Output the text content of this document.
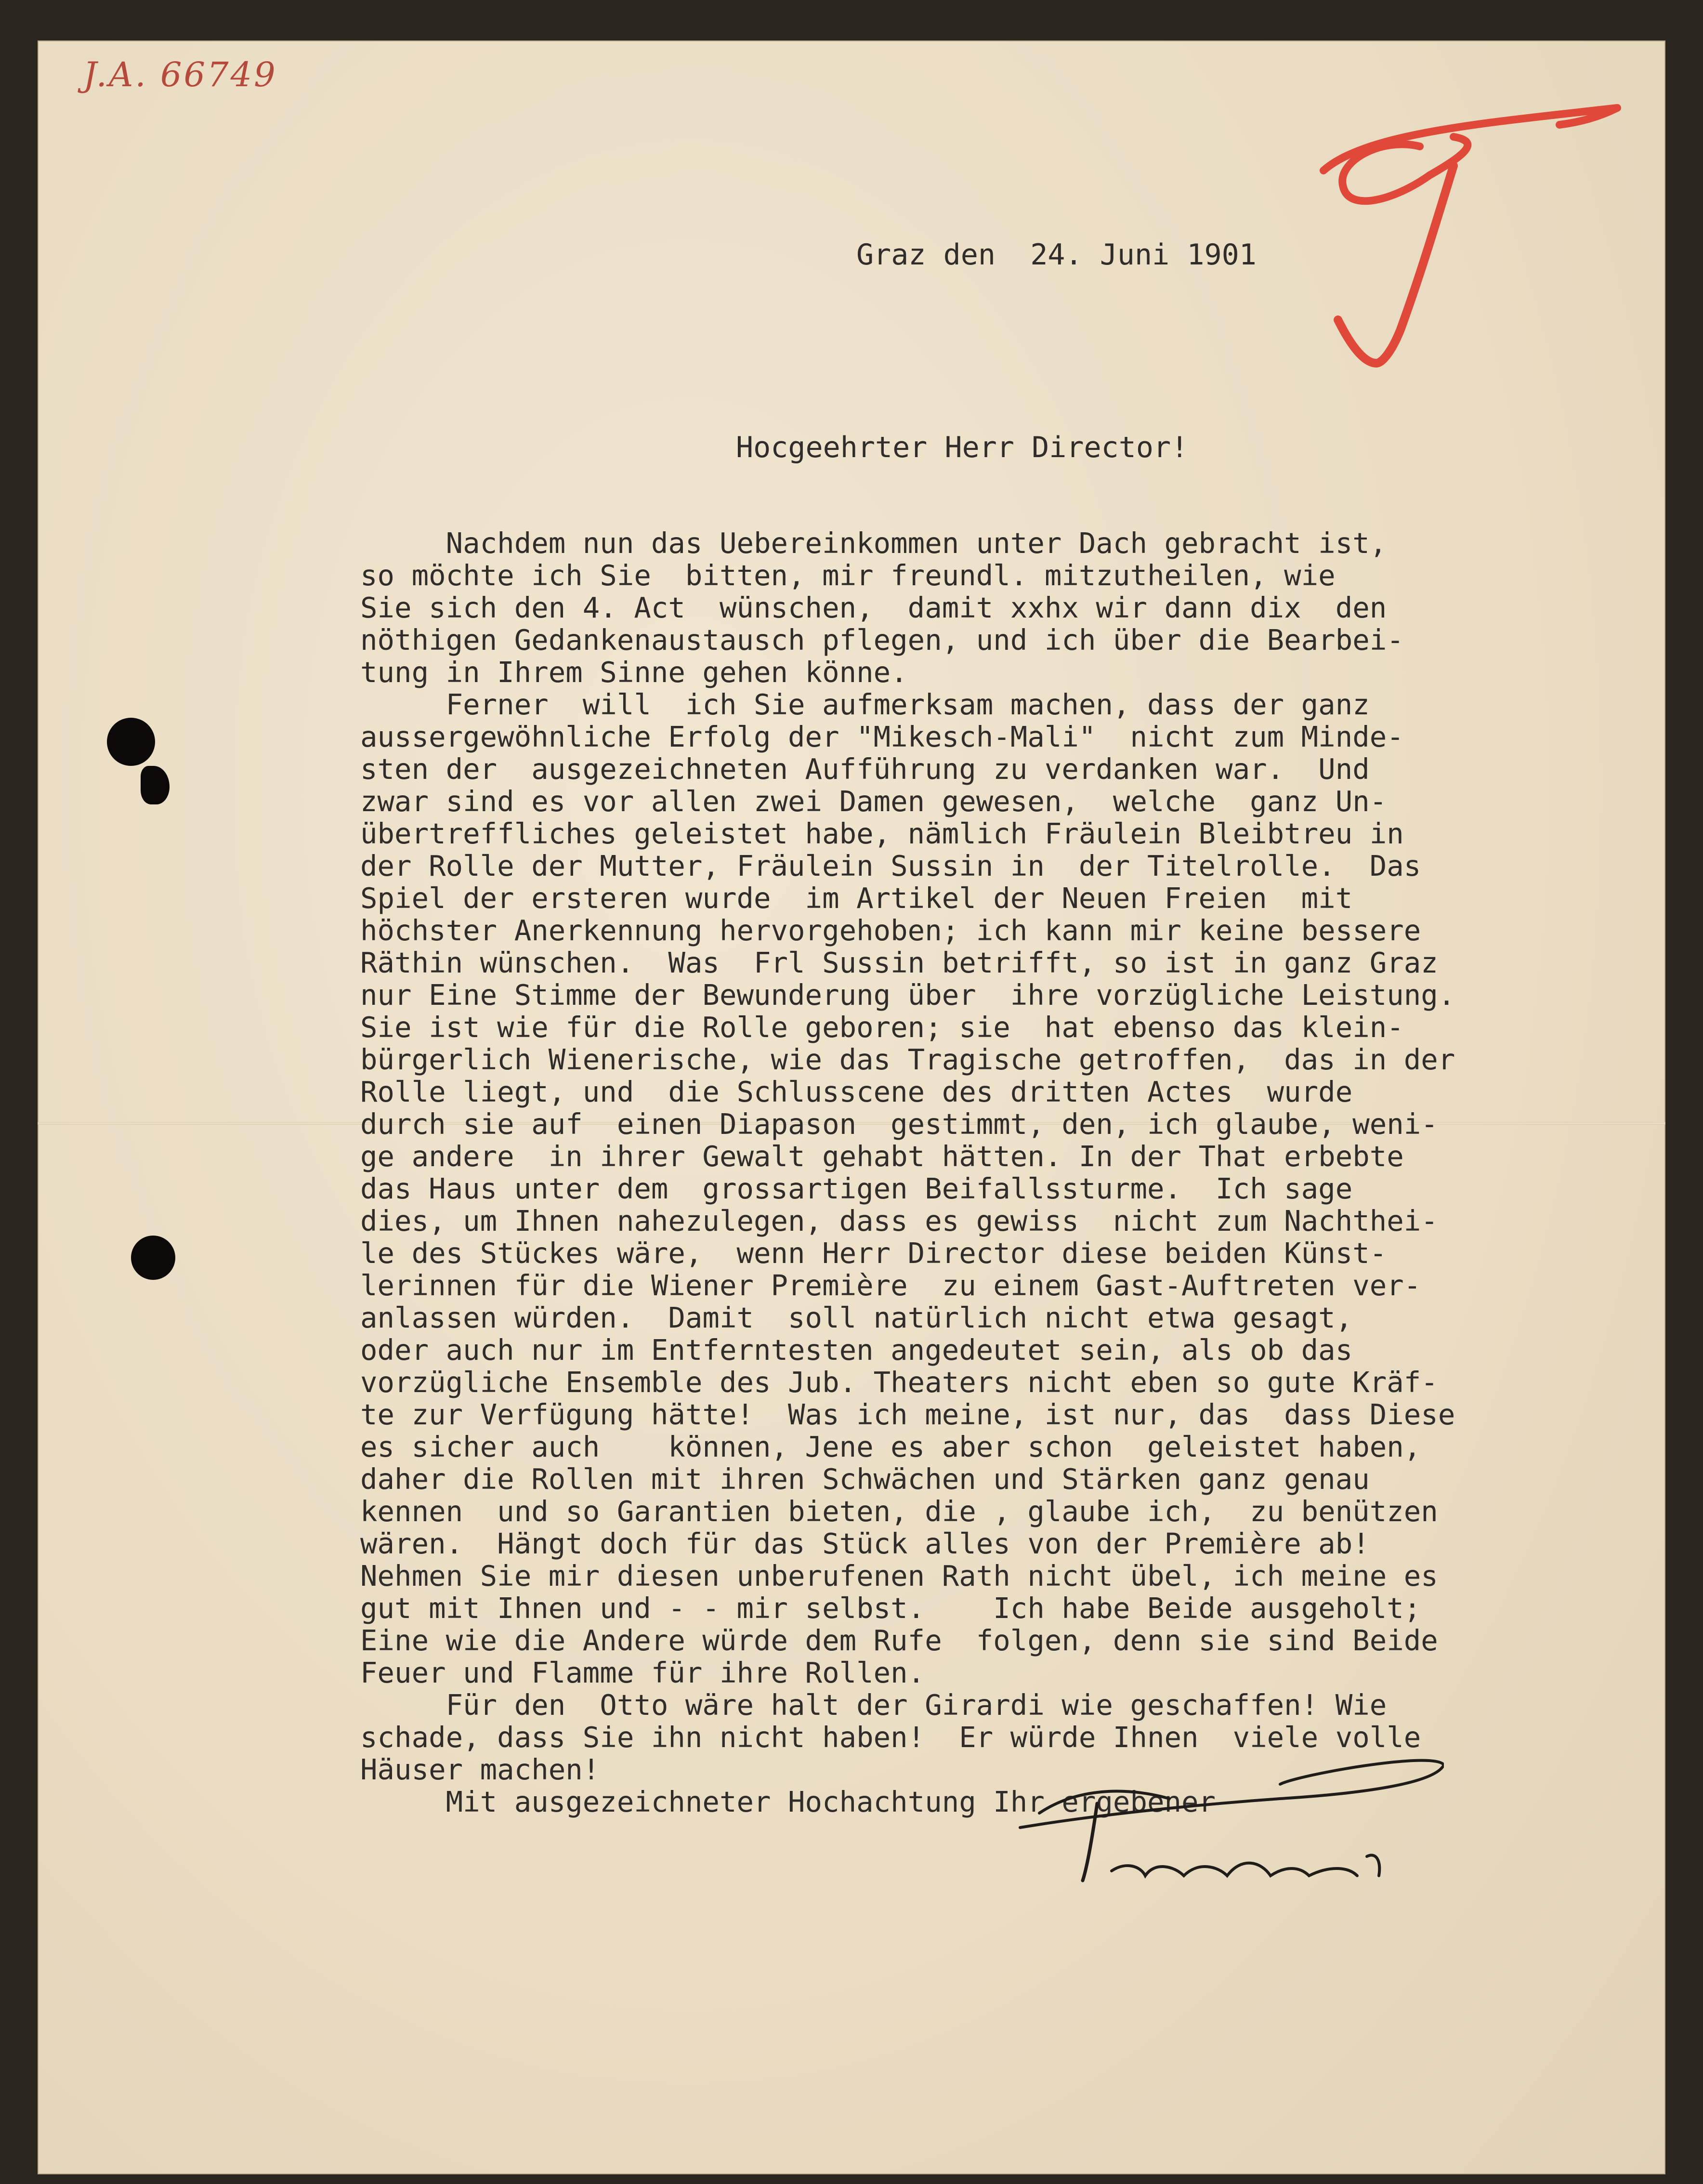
J.A. 66749
Graz den  24. Juni 1901
Hocgeehrter Herr Director!
Nachdem nun das Uebereinkommen unter Dach gebracht ist,
so möchte ich Sie  bitten, mir freundl. mitzutheilen, wie
Sie sich den 4. Act  wünschen,  damit xxhx wir dann dix  den
nöthigen Gedankenaustausch pflegen, und ich über die Bearbei-
tung in Ihrem Sinne gehen könne.
Ferner  will  ich Sie aufmerksam machen, dass der ganz
aussergewöhnliche Erfolg der "Mikesch-Mali"  nicht zum Minde-
sten der  ausgezeichneten Aufführung zu verdanken war.  Und
zwar sind es vor allen zwei Damen gewesen,  welche  ganz Un-
übertreffliches geleistet habe, nämlich Fräulein Bleibtreu in
der Rolle der Mutter, Fräulein Sussin in  der Titelrolle.  Das
Spiel der ersteren wurde  im Artikel der Neuen Freien  mit
höchster Anerkennung hervorgehoben; ich kann mir keine bessere
Räthin wünschen.  Was  Frl Sussin betrifft, so ist in ganz Graz
nur Eine Stimme der Bewunderung über  ihre vorzügliche Leistung.
Sie ist wie für die Rolle geboren; sie  hat ebenso das klein-
bürgerlich Wienerische, wie das Tragische getroffen,  das in der
Rolle liegt, und  die Schlusscene des dritten Actes  wurde
durch sie auf  einen Diapason  gestimmt, den, ich glaube, weni-
ge andere  in ihrer Gewalt gehabt hätten. In der That erbebte
das Haus unter dem  grossartigen Beifallssturme.  Ich sage
dies, um Ihnen nahezulegen, dass es gewiss  nicht zum Nachthei-
le des Stückes wäre,  wenn Herr Director diese beiden Künst-
lerinnen für die Wiener Première  zu einem Gast-Auftreten ver-
anlassen würden.  Damit  soll natürlich nicht etwa gesagt,
oder auch nur im Entferntesten angedeutet sein, als ob das
vorzügliche Ensemble des Jub. Theaters nicht eben so gute Kräf-
te zur Verfügung hätte!  Was ich meine, ist nur, das  dass Diese
es sicher auch    können, Jene es aber schon  geleistet haben,
daher die Rollen mit ihren Schwächen und Stärken ganz genau
kennen  und so Garantien bieten, die , glaube ich,  zu benützen
wären.  Hängt doch für das Stück alles von der Première ab!
Nehmen Sie mir diesen unberufenen Rath nicht übel, ich meine es
gut mit Ihnen und - - mir selbst.    Ich habe Beide ausgeholt;
Eine wie die Andere würde dem Rufe  folgen, denn sie sind Beide
Feuer und Flamme für ihre Rollen.
Für den  Otto wäre halt der Girardi wie geschaffen! Wie
schade, dass Sie ihn nicht haben!  Er würde Ihnen  viele volle
Häuser machen!
Mit ausgezeichneter Hochachtung Ihr ergebener
